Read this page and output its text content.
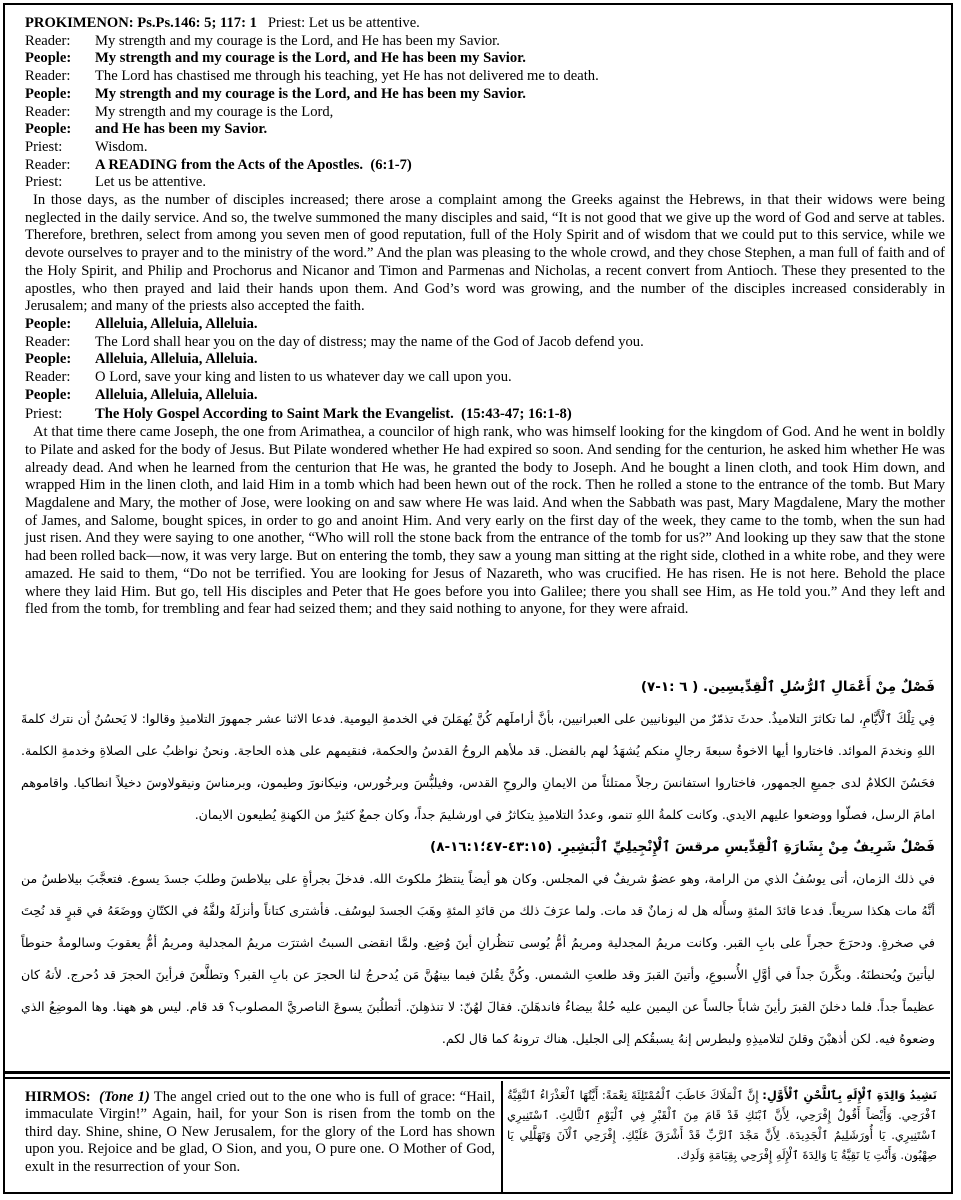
PROKIMENON:
Ps.Ps.146: 5; 117: 1
Priest: Let us be attentive.

Reader:	My strength and my courage is the Lord, and He has been my Savior.

People:	My strength and my courage is the Lord, and He has been my Savior.

Reader:	The Lord has chastised me through his teaching, yet He has not delivered me to death.

People:	My strength and my courage is the Lord, and He has been my Savior.

Reader:	My strength and my courage is the Lord,

People:	and He has been my Savior.

Priest:	Wisdom.

Reader:	A READING from the Acts of the Apostles.
(6:1-7)

Priest:	Let us be attentive.

In those days, as the number of disciples increased; there arose a complaint among the Greeks against the Hebrews, in that their widows were being neglected in the daily service. And so, the twelve summoned the many disciples and said, “It is not good that we give up the word of God and serve at tables. Therefore, brethren, select from among you seven men of good reputation, full of the Holy Spirit and of wisdom that we could put to this service, while we devote ourselves to prayer and to the ministry of the word.” And the plan was pleasing to the whole crowd, and they chose Stephen, a man full of faith and of the Holy Spirit, and Philip and Prochorus and Nicanor and Timon and Parmenas and Nicholas, a recent convert from Antioch. These they presented to the apostles, who then prayed and laid their hands upon them. And God’s word was growing, and the number of the disciples increased considerably in Jerusalem; and many of the priests also accepted the faith.

People:	Alleluia, Alleluia, Alleluia.

Reader:	The Lord shall hear you on the day of distress; may the name of the God of Jacob defend you.

People:	Alleluia, Alleluia, Alleluia.

Reader:	O Lord, save your king and listen to us whatever day we call upon you.

People:	Alleluia, Alleluia, Alleluia.

Priest:	The Holy Gospel According to Saint Mark the Evangelist.
(15:43-47; 16:1-8)

At that time there came Joseph, the one from Arimathea, a councilor of high rank, who was himself looking for the kingdom of God. And he went in boldly to Pilate and asked for the body of Jesus. But Pilate wondered whether He had expired so soon. And sending for the centurion, he asked him whether He was already dead. And when he learned from the centurion that He was, he granted the body to Joseph. And he bought a linen cloth, and took Him down, and wrapped Him in the linen cloth, and laid Him in a tomb which had been hewn out of the rock. Then he rolled a stone to the entrance of the tomb. But Mary Magdalene and Mary, the mother of Jose, were looking on and saw where He was laid. And when the Sabbath was past, Mary Magdalene, Mary the mother of James, and Salome, bought spices, in order to go and anoint Him. And very early on the first day of the week, they came to the tomb, when the sun had just risen. And they were saying to one another, “Who will roll the stone back from the entrance of the tomb for us?” And looking up they saw that the stone had been rolled back—now, it was very large. But on entering the tomb, they saw a young man sitting at the right side, clothed in a white robe, and they were amazed. He said to them, “Do not be terrified. You are looking for Jesus of Nazareth, who was crucified. He has risen. He is not here. Behold the place where they laid Him. But go, tell His disciples and Peter that He goes before you into Galilee; there you shall see Him, as He told you.” And they left and fled from the tomb, for trembling and fear had seized them; and they said nothing to anyone, for they were afraid.

فَصْلٌ مِنْ أَعْمَالِ ٱلرُّسُلِ ٱلْقِدِّيسِين. ( ٦ :١-٧)

فِي تِلْكَ ٱلْأَيَّامِ، لما تكاثرَ التلاميذُ. حدثَ تذمّرٌ من اليونانيين على العبرانيين، بأنَّ أراملَهم كُنَّ يُهمَلنَ في الخدمةِ اليومية. فدعا الاثنا عشر جمهورَ التلاميذِ وقالوا: لا يَحسُنُ أن نترك كلمةَ اللهِ ونخدمَ الموائد. فاختاروا أيها الاخوةُ سبعةَ رجالٍ منكم يُشهَدُ لهم بالفضل. قد ملأهم الروحُ القدسُ والحكمة، فنقيمهم على هذه الحاجة. ونحنُ نواظبُ على الصلاةِ وخدمةِ الكلمة. فحَسُنَ الكلامُ لدى جميعِ الجمهور، فاختاروا استفانسَ رجلاً ممتلئاً من الايمانِ والروحِ القدس، وفيلبُّسَ وبرخُورس، ونيكانورَ وطيمون، وبرمناسَ ونيقولاوسَ دخيلاً انطاكيا. واقاموهم امامَ الرسل، فصلّوا ووضعوا عليهم الايدي. وكانت كلمةُ اللهِ تنمو، وعددُ التلاميذِ يتكاثرُ في اورشليمَ جداً، وكان جمعٌ كثيرٌ من الكهنةِ يُطيعون الايمان.

فَصْلٌ شَرِيفٌ مِنْ بِشَارَةِ ٱلْقِدِّيسِ مرقسَ ٱلْإِنْجِيلِيِّ ٱلْبَشِيرِ. (٤٣:١٥-٤٧؛١٦:١-٨)

في ذلك الزمان، أتى يوسُفُ الذي من الرامة، وهو عضوٌ شريفٌ في المجلس. وكان هو أيضاً ينتظرُ ملكوتَ الله. فدخلَ بجرأةٍ على بيلاطسَ وطلبَ جسدَ يسوع. فتعجَّبَ بيلاطسُ من أنَّهُ مات هكذا سريعاً. فدعا قائدَ المئةِ وسأَله هل له زمانٌ قد مات. ولما عرَفَ ذلك من قائدِ المئةِ وهَبَ الجسدَ ليوسُف. فأشترى كتاناً وأنزلَهُ ولفَّهُ في الكتّانِ ووضَعَهُ في قبرٍ قد نُحِتَ في صخرةٍ. ودحرَجَ حجراً على بابِ القبر. وكانت مريمُ المجدلية ومريمُ أمُّ يُوسى تنظُرانِ أينَ وُضِع. ولمَّا انقضى السبتُ اشترَت مريمُ المجدلية ومريمُ أمُّ يعقوبَ وسالومةُ حنوطاً ليأتينَ ويُحنطنَهُ. وبكَّرنَ جداً في أوَّلِ الأُسبوعِ، وأتينَ القبرَ وقد طلعتِ الشمس. وكُنَّ يقُلنَ فيما بينهُنَّ مَن يُدحرجُ لنا الحجرَ عن بابِ القبر؟ وتطلَّعنَ فرأينَ الحجرَ قد دُحرج. لأنهُ كان عظيماً جداً. فلما دخلنَ القبرَ رأينَ شاباً جالساً عن اليمين عليه حُلةٌ بيضاءُ فاندهَلنَ. فقالَ لهُنّ: لا تنذهِلنَ. أتطلُبنَ يسوعَ الناصريَّ المصلوب؟ قد قام. ليس هو ههنا. وها الموضِعُ الذي وضعوهُ فيه. لكن أذهبْنَ وقلنَ لتلاميذِهِ ولبطرس إنهُ يسبقُكم إلى الجليل. هناك ترونهُ كما قال لكم.

HIRMOS: (Tone 1) The angel cried out to the one who is full of grace: “Hail, immaculate Virgin!” Again, hail, for your Son is risen from the tomb on the third day. Shine, shine, O New Jerusalem, for the glory of the Lord has shown upon you. Rejoice and be glad, O Sion, and you, O pure one. O Mother of God, exult in the resurrection of your Son.

نَشِيدُ وَالِدَةِ ٱلْإِلَهِ بِٱللَّحْنِ ٱلْأَوَّلِ: إِنَّ ٱلْمَلَاكَ خَاطَبَ ٱلْمُمْتَلِئَةَ نِعْمَةً: أَيَّتُهَا ٱلْعَذْرَاءُ ٱلنَّقِيَّةُ ٱفْرَحِي. وَأَيْضاً أَقُولُ إِفْرَحِي، لِأَنَّ ٱبْنَكِ قَدْ قَامَ مِنَ ٱلْقَبْرِ فِي ٱلْيَوْمِ ٱلثَّالِثِ. ٱسْتَنِيرِي ٱسْتَنِيرِي. يَا أُورَشَلِيمُ ٱلْجَدِيدَة. لِأَنَّ مَجْدَ ٱلرَّبِّ قَدْ أَشْرَقَ عَلَيْكِ. إِفْرَحِي ٱلْآنَ وَتَهَلَّلِي يَا صِهْيُون. وَأَنْتِ يَا نَقِيَّةُ يَا وَالِدَةَ ٱلْإِلَهِ إِفْرَحِي بِقِيَامَةِ وَلَدِك.
